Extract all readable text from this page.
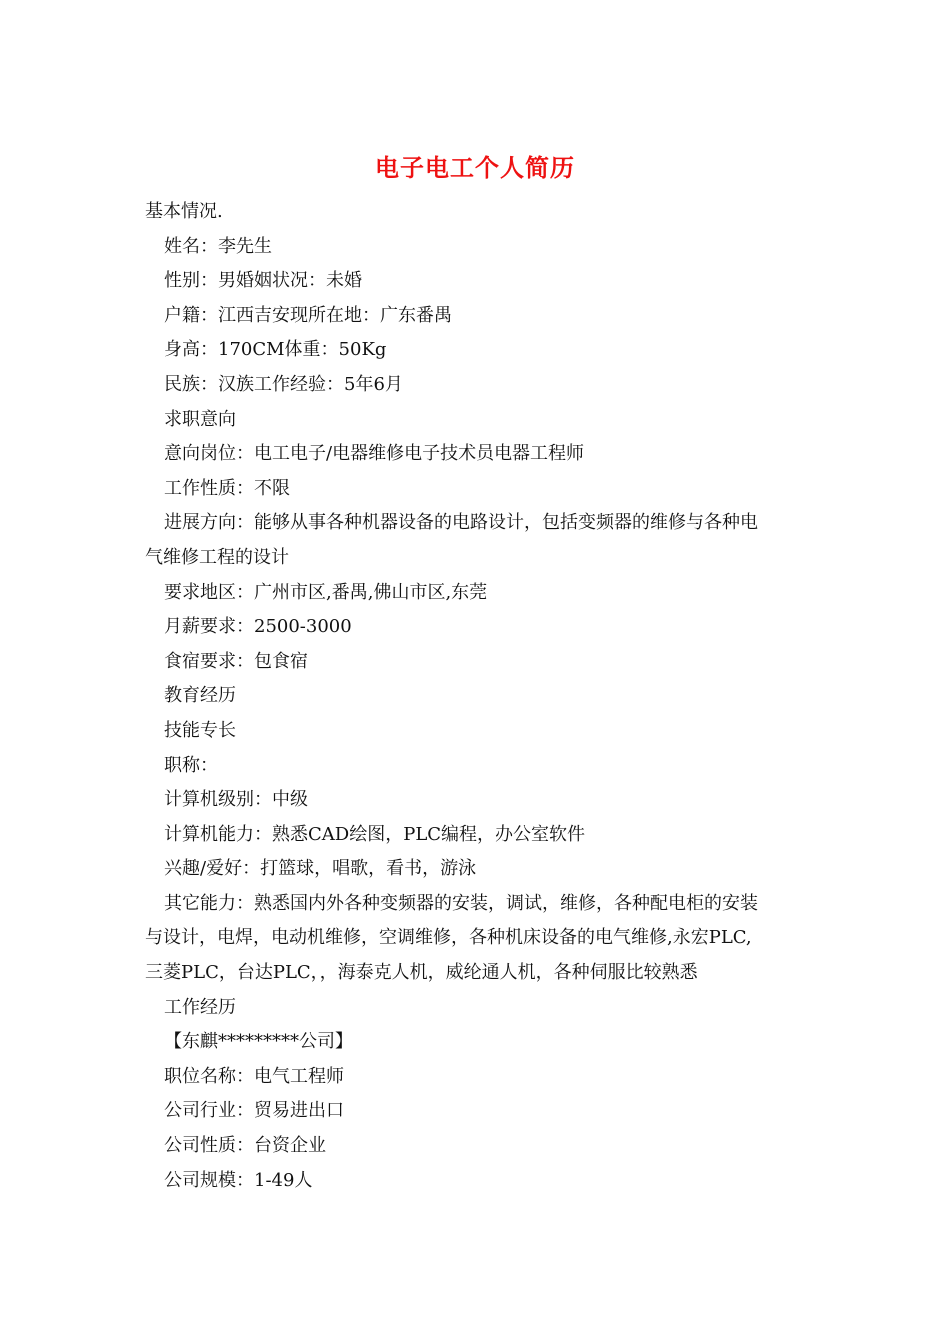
电子电工个人简历
基本情况.
姓名：李先生
性别：男婚姻状况：未婚
户籍：江西吉安现所在地：广东番禺
身高：170CM体重：50Kg
民族：汉族工作经验：5年6月
求职意向
意向岗位：电工电子/电器维修电子技术员电器工程师
工作性质：不限
进展方向：能够从事各种机器设备的电路设计，包括变频器的维修与各种电
气维修工程的设计
要求地区：广州市区,番禺,佛山市区,东莞
月薪要求：2500-3000
食宿要求：包食宿
教育经历
技能专长
职称：
计算机级别：中级
计算机能力：熟悉CAD绘图，PLC编程，办公室软件
兴趣/爱好：打篮球，唱歌，看书，游泳
其它能力：熟悉国内外各种变频器的安装，调试，维修，各种配电柜的安装
与设计，电焊，电动机维修，空调维修，各种机床设备的电气维修,永宏PLC,
三菱PLC，台达PLC，，海泰克人机，威纶通人机，各种伺服比较熟悉
工作经历
【东麒*********公司】
职位名称：电气工程师
公司行业：贸易进出口
公司性质：台资企业
公司规模：1-49人
